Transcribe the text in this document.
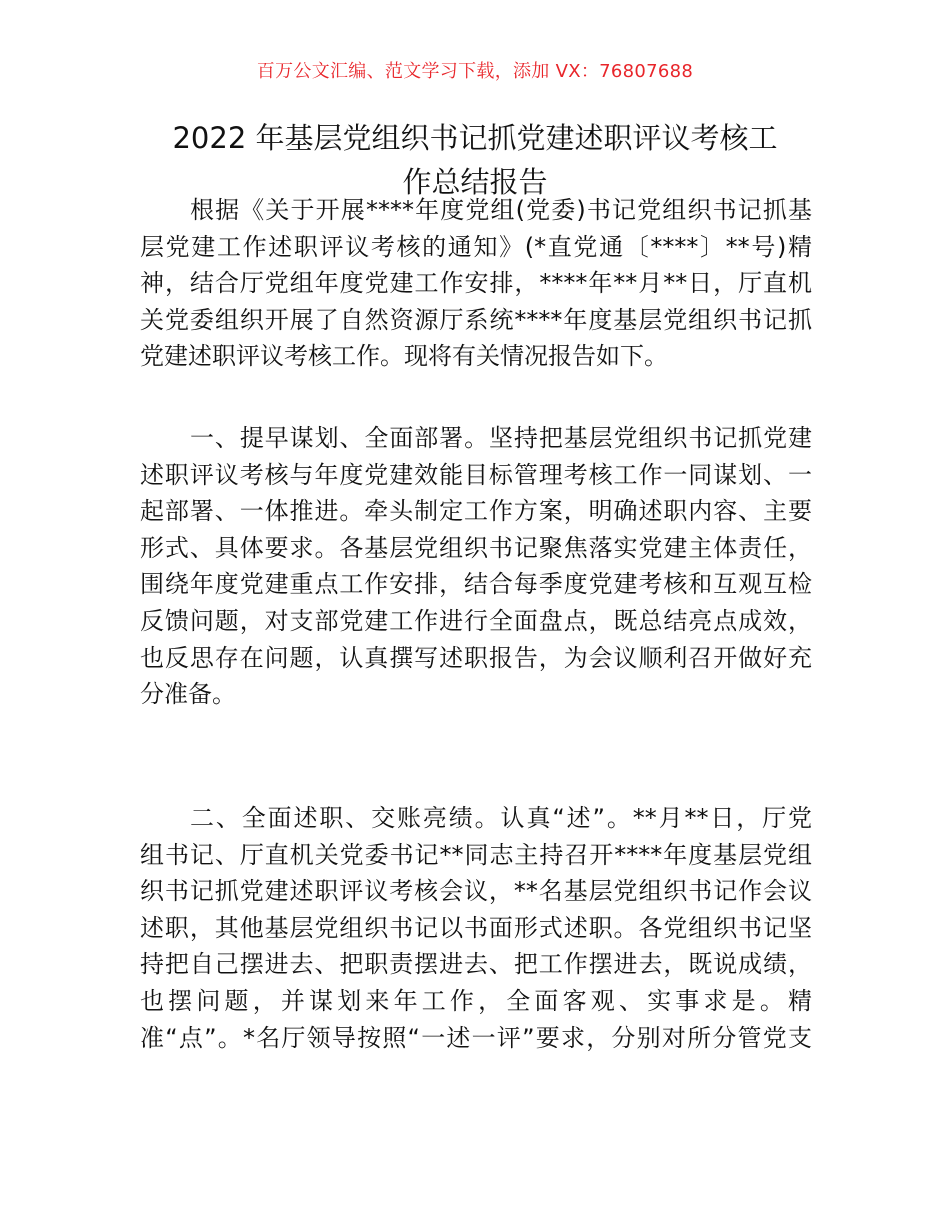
百万公文汇编、范文学习下载，添加 VX：76807688
2022 年基层党组织书记抓党建述职评议考核工
作总结报告
根据《关于开展****年度党组(党委)书记党组织书记抓基
层党建工作述职评议考核的通知》(*直党通〔****〕**号)精
神，结合厅党组年度党建工作安排，****年**月**日，厅直机
关党委组织开展了自然资源厅系统****年度基层党组织书记抓
党建述职评议考核工作。现将有关情况报告如下。
一、提早谋划、全面部署。坚持把基层党组织书记抓党建
述职评议考核与年度党建效能目标管理考核工作一同谋划、一
起部署、一体推进。牵头制定工作方案，明确述职内容、主要
形式、具体要求。各基层党组织书记聚焦落实党建主体责任，
围绕年度党建重点工作安排，结合每季度党建考核和互观互检
反馈问题，对支部党建工作进行全面盘点，既总结亮点成效，
也反思存在问题，认真撰写述职报告，为会议顺利召开做好充
分准备。
二、全面述职、交账亮绩。认真“述”。**月**日，厅党
组书记、厅直机关党委书记**同志主持召开****年度基层党组
织书记抓党建述职评议考核会议，**名基层党组织书记作会议
述职，其他基层党组织书记以书面形式述职。各党组织书记坚
持把自己摆进去、把职责摆进去、把工作摆进去，既说成绩，
也摆问题，并谋划来年工作，全面客观、实事求是。精
准“点”。*名厅领导按照“一述一评”要求，分别对所分管党支
